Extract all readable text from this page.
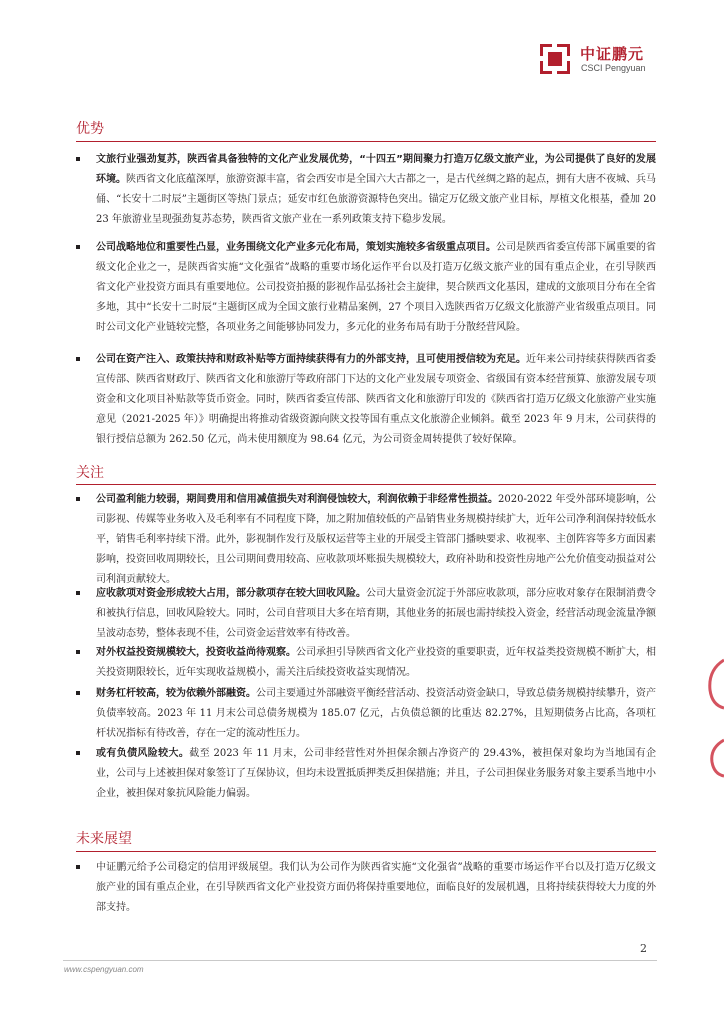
中证鹏元
CSCI Pengyuan
优势
文旅行业强劲复苏，陕西省具备独特的文化产业发展优势，“十四五”期间聚力打造万亿级文旅产业，为公司提供了良好的发展环境。陕西省文化底蕴深厚，旅游资源丰富，省会西安市是全国六大古都之一，是古代丝绸之路的起点，拥有大唐不夜城、兵马俑、“长安十二时辰”主题街区等热门景点；延安市红色旅游资源特色突出。锚定万亿级文旅产业目标，厚植文化根基，叠加 2023 年旅游业呈现强劲复苏态势，陕西省文旅产业在一系列政策支持下稳步发展。
公司战略地位和重要性凸显，业务围绕文化产业多元化布局，策划实施较多省级重点项目。公司是陕西省委宣传部下属重要的省级文化企业之一，是陕西省实施“文化强省”战略的重要市场化运作平台以及打造万亿级文旅产业的国有重点企业，在引导陕西省文化产业投资方面具有重要地位。公司投资拍摄的影视作品弘扬社会主旋律，契合陕西文化基因，建成的文旅项目分布在全省多地，其中“长安十二时辰”主题街区成为全国文旅行业精品案例，27 个项目入选陕西省万亿级文化旅游产业省级重点项目。同时公司文化产业链较完整，各项业务之间能够协同发力，多元化的业务布局有助于分散经营风险。
公司在资产注入、政策扶持和财政补贴等方面持续获得有力的外部支持，且可使用授信较为充足。近年来公司持续获得陕西省委宣传部、陕西省财政厅、陕西省文化和旅游厅等政府部门下达的文化产业发展专项资金、省级国有资本经营预算、旅游发展专项资金和文化项目补贴款等货币资金。同时，陕西省委宣传部、陕西省文化和旅游厅印发的《陕西省打造万亿级文化旅游产业实施意见（2021-2025 年）》明确提出将推动省级资源向陕文投等国有重点文化旅游企业倾斜。截至 2023 年 9 月末，公司获得的银行授信总额为 262.50 亿元，尚未使用额度为 98.64 亿元，为公司资金周转提供了较好保障。
关注
公司盈利能力较弱，期间费用和信用减值损失对利润侵蚀较大，利润依赖于非经常性损益。2020-2022 年受外部环境影响，公司影视、传媒等业务收入及毛利率有不同程度下降，加之附加值较低的产品销售业务规模持续扩大，近年公司净利润保持较低水平，销售毛利率持续下滑。此外，影视制作发行及版权运营等主业的开展受主管部门播映要求、收视率、主创阵容等多方面因素影响，投资回收周期较长，且公司期间费用较高、应收款项坏账损失规模较大，政府补助和投资性房地产公允价值变动损益对公司利润贡献较大。
应收款项对资金形成较大占用，部分款项存在较大回收风险。公司大量资金沉淀于外部应收款项，部分应收对象存在限制消费令和被执行信息，回收风险较大。同时，公司自营项目大多在培育期，其他业务的拓展也需持续投入资金，经营活动现金流量净额呈波动态势，整体表现不佳，公司资金运营效率有待改善。
对外权益投资规模较大，投资收益尚待观察。公司承担引导陕西省文化产业投资的重要职责，近年权益类投资规模不断扩大，相关投资期限较长，近年实现收益规模小，需关注后续投资收益实现情况。
财务杠杆较高，较为依赖外部融资。公司主要通过外部融资平衡经营活动、投资活动资金缺口，导致总债务规模持续攀升，资产负债率较高。2023 年 11 月末公司总债务规模为 185.07 亿元，占负债总额的比重达 82.27%，且短期债务占比高，各项杠杆状况指标有待改善，存在一定的流动性压力。
或有负债风险较大。截至 2023 年 11 月末，公司非经营性对外担保余额占净资产的 29.43%，被担保对象均为当地国有企业，公司与上述被担保对象签订了互保协议，但均未设置抵质押类反担保措施；并且，子公司担保业务服务对象主要系当地中小企业，被担保对象抗风险能力偏弱。
未来展望
中证鹏元给予公司稳定的信用评级展望。我们认为公司作为陕西省实施“文化强省”战略的重要市场运作平台以及打造万亿级文旅产业的国有重点企业，在引导陕西省文化产业投资方面仍将保持重要地位，面临良好的发展机遇，且将持续获得较大力度的外部支持。
2
www.cspengyuan.com
